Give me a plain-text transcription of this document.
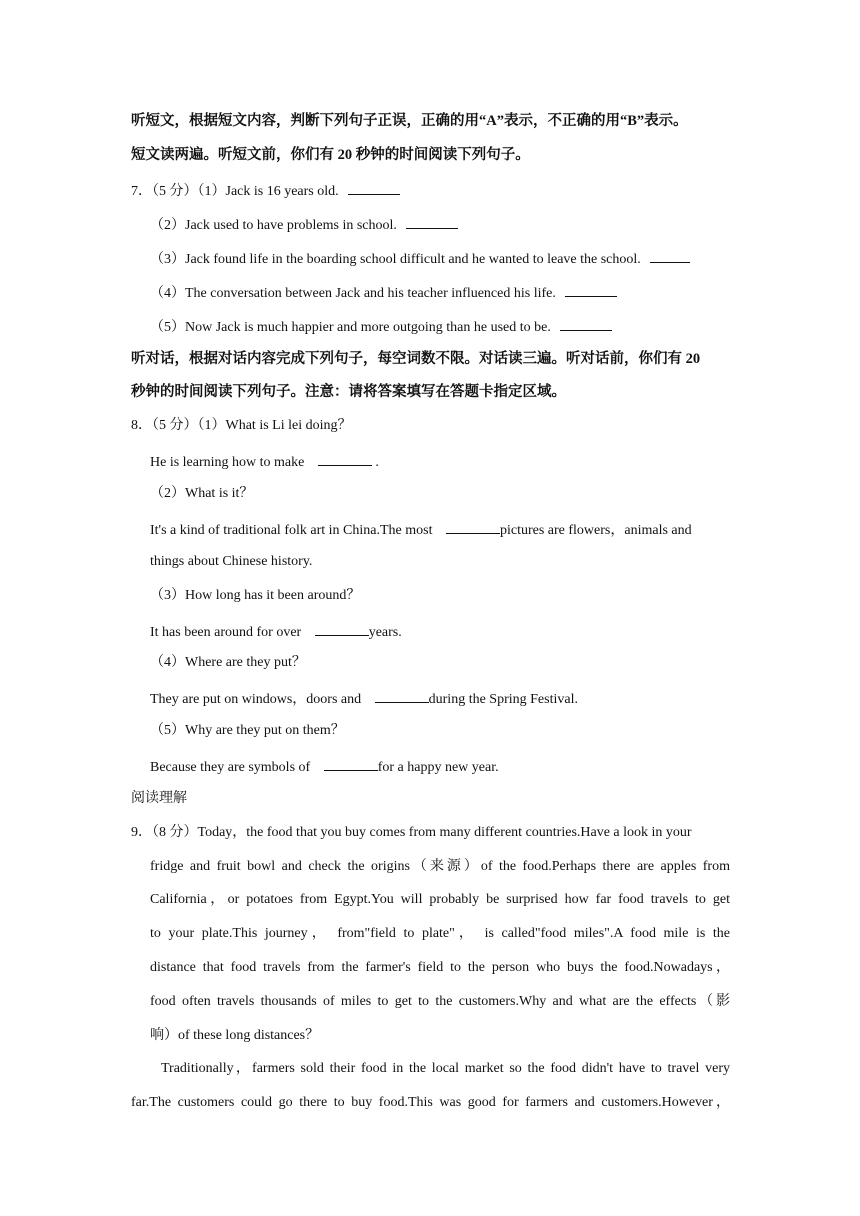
听短文，根据短文内容，判断下列句子正误，正确的用“A”表示，不正确的用“B”表示。
短文读两遍。听短文前，你们有 20 秒钟的时间阅读下列句子。
7．（5 分）（1）Jack is 16 years old.
（2）Jack used to have problems in school.
（3）Jack found life in the boarding school difficult and he wanted to leave the school.
（4）The conversation between Jack and his teacher influenced his life.
（5）Now Jack is much happier and more outgoing than he used to be.
听对话，根据对话内容完成下列句子，每空词数不限。对话读三遍。听对话前，你们有 20
秒钟的时间阅读下列句子。注意：请将答案填写在答题卡指定区域。
8．（5 分）（1）What is Li lei doing？
He is learning how to make	.
（2）What is it？
It's a kind of traditional folk art in China.The most	pictures are flowers，animals and
things about Chinese history.
（3）How long has it been around？
It has been around for over	years.
（4）Where are they put？
They are put on windows，doors and	during the Spring Festival.
（5）Why are they put on them？
Because they are symbols of	for a happy new year.
阅读理解
9．（8 分）Today，the food that you buy comes from many different countries.Have a look in your
fridge and fruit bowl and check the origins（来源）of the food.Perhaps there are apples from
California，or potatoes from Egypt.You will probably be surprised how far food travels to get
to your plate.This journey， from"field to plate"， is called"food miles".A food mile is the
distance that food travels from the farmer's field to the person who buys the food.Nowadays，
food often travels thousands of miles to get to the customers.Why and what are the effects（影
响）of these long distances？
Traditionally，farmers sold their food in the local market so the food didn't have to travel very
far.The customers could go there to buy food.This was good for farmers and customers.However，
